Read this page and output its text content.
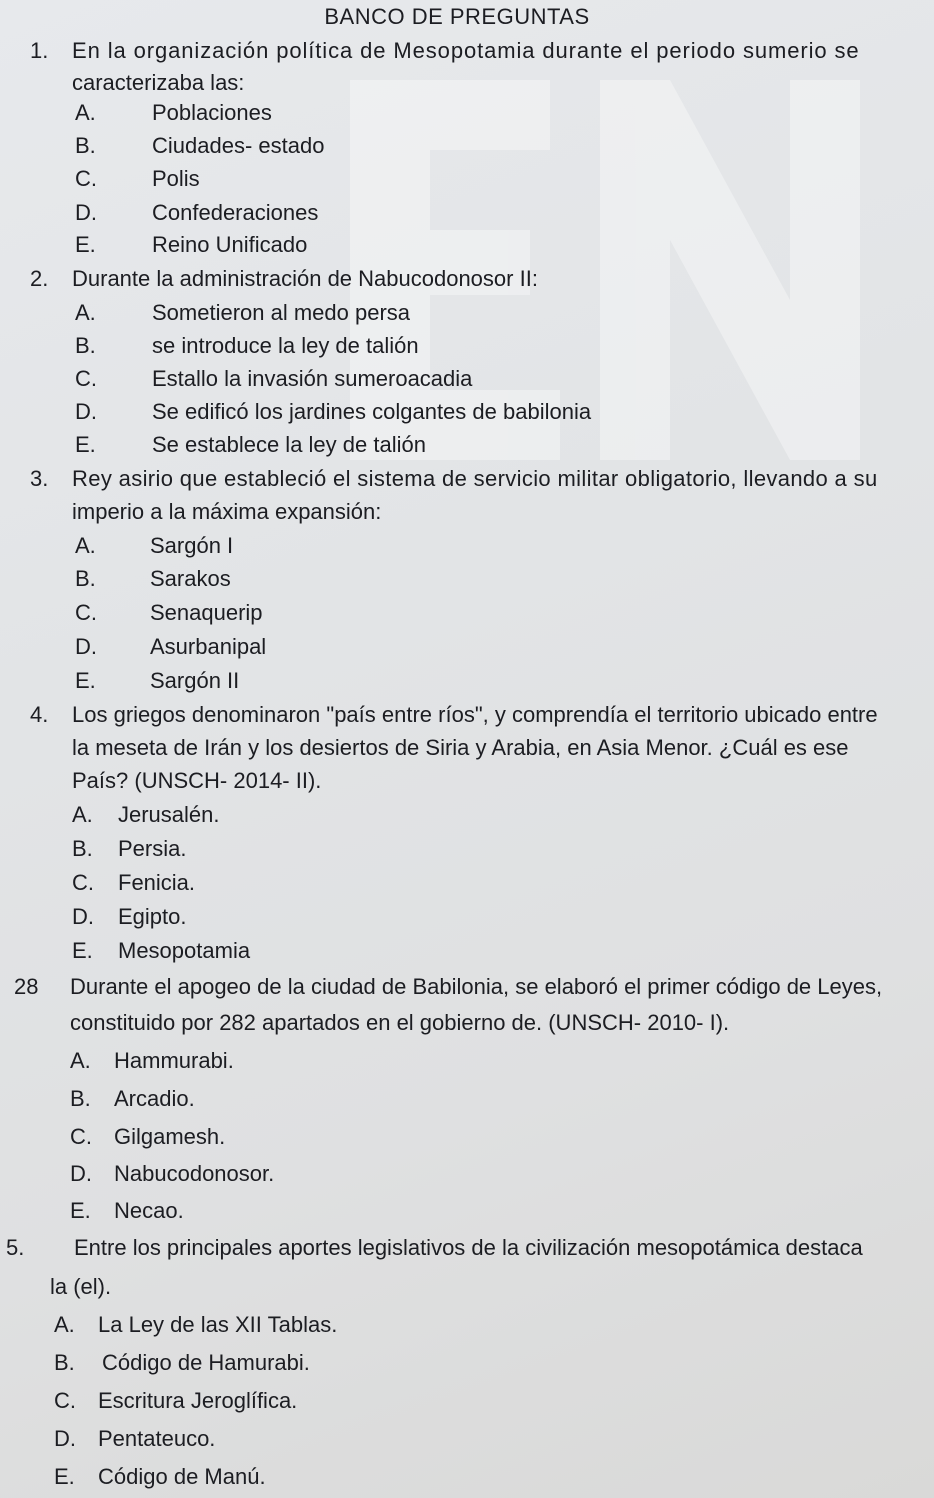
BANCO DE PREGUNTAS
1. En la organización política de Mesopotamia durante el periodo sumerio se
caracterizaba las:
A.	Poblaciones
B.	Ciudades- estado
C.	Polis
D.	Confederaciones
E.	Reino Unificado
2. Durante la administración de Nabucodonosor II:
A.	Sometieron al medo persa
B.	se introduce la ley de talión
C.	Estallo la invasión sumeroacadia
D.	Se edificó los jardines colgantes de babilonia
E.	Se establece la ley de talión
3. Rey asirio que estableció el sistema de servicio militar obligatorio, llevando a su
imperio a la máxima expansión:
A. Sargón I
B. Sarakos
C. Senaquerip
D. Asurbanipal
E. Sargón II
4. Los griegos denominaron "país entre ríos", y comprendía el territorio ubicado entre
la meseta de Irán y los desiertos de Siria y Arabia, en Asia Menor. ¿Cuál es ese
País? (UNSCH- 2014- II).
A. Jerusalén.
B. Persia.
C. Fenicia.
D. Egipto.
E. Mesopotamia
28 Durante el apogeo de la ciudad de Babilonia, se elaboró el primer código de Leyes,
constituido por 282 apartados en el gobierno de. (UNSCH- 2010- I).
A. Hammurabi.
B. Arcadio.
C. Gilgamesh.
D. Nabucodonosor.
E. Necao.
5. Entre los principales aportes legislativos de la civilización mesopotámica destaca
la (el).
A. La Ley de las XII Tablas.
B. Código de Hamurabi.
C. Escritura Jeroglífica.
D. Pentateuco.
E. Código de Manú.
